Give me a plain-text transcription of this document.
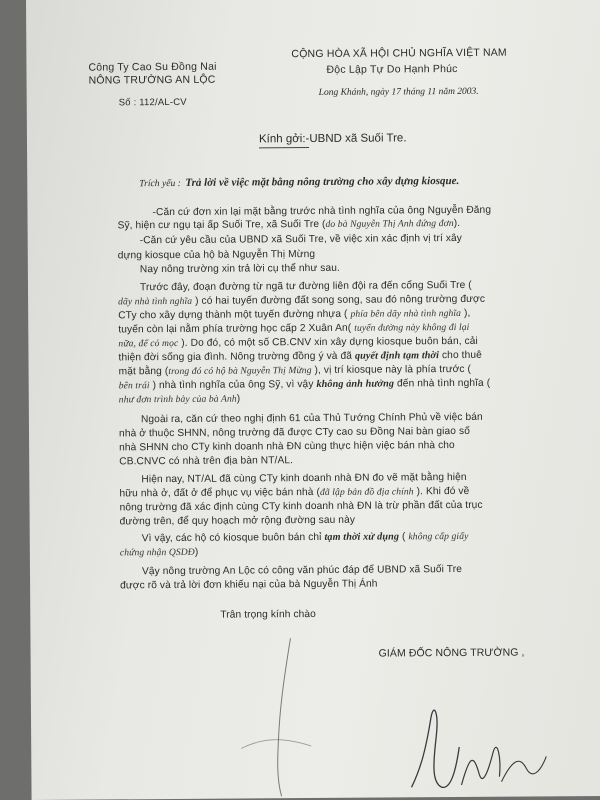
Công Ty Cao Su Đồng Nai
NÔNG TRƯỜNG AN LỘC
Số : 112/AL-CV
CỘNG HÒA XÃ HỘI CHỦ NGHĨA VIỆT NAM
Độc Lập Tự Do Hạnh Phúc
Long Khánh, ngày 17 tháng 11 năm 2003.
Kính gởi:-UBND xã Suối Tre.
Trích yếu : Trả lời về việc mặt bằng nông trường cho xây dựng kiosque.
-Căn cứ đơn xin lại mặt bằng trước nhà tình nghĩa của ông Nguyễn Đăng
Sỹ, hiện cư ngụ tại ấp Suối Tre, xã Suối Tre (do bà Nguyễn Thị Anh đứng đơn).
-Căn cứ yêu cầu của UBND xã Suối Tre, về việc xin xác định vị trí xây
dựng kiosque của hộ bà Nguyễn Thị Mừng
Nay nông trường xin trả lời cụ thể như sau.
Trước đây, đoạn đường từ ngã tư đường liên đội ra đến cổng Suối Tre (
dãy nhà tình nghĩa ) có hai tuyến đường đất song song, sau đó nông trường được
CTy cho xây dựng thành một tuyến đường nhựa ( phía bên dãy nhà tình nghĩa ),
tuyến còn lại nằm phía trường học cấp 2 Xuân An( tuyến đường này không đi lại
nữa, để cỏ mọc ). Do đó, có một số CB.CNV xin xây dựng kiosque buôn bán, cải
thiện đời sống gia đình. Nông trường đồng ý và đã quyết định tạm thời cho thuê
mặt bằng (trong đó có hộ bà Nguyễn Thị Mừng ), vị trí kiosque này là phía trước (
bên trái ) nhà tình nghĩa của ông Sỹ, vì vậy không ảnh hưởng đến nhà tình nghĩa (
như đơn trình bày của bà Anh)
Ngoài ra, căn cứ theo nghị định 61 của Thủ Tướng Chính Phủ về việc bán
nhà ở thuộc SHNN, nông trường đã được CTy cao su Đồng Nai bàn giao số
nhà SHNN cho CTy kinh doanh nhà ĐN cùng thực hiện việc bán nhà cho
CB.CNVC có nhà trên địa bàn NT/AL.
Hiện nay, NT/AL đã cùng CTy kinh doanh nhà ĐN đo vẽ mặt bằng hiện
hữu nhà ở, đất ở để phục vụ việc bán nhà (đã lập bản đồ địa chính ). Khi đó về
nông trường đã xác định cùng CTy kinh doanh nhà ĐN là trừ phần đất của trục
đường trên, để quy hoạch mở rộng đường sau này
Vì vậy, các hộ có kiosque buôn bán chỉ tạm thời xử dụng ( không cấp giấy
chứng nhận QSDĐ)
Vậy nông trường An Lộc có công văn phúc đáp để UBND xã Suối Tre
được rõ và trả lời đơn khiếu nại của bà Nguyễn Thị Ánh
Trân trọng kính chào
GIÁM ĐỐC NÔNG TRƯỜNG ,
